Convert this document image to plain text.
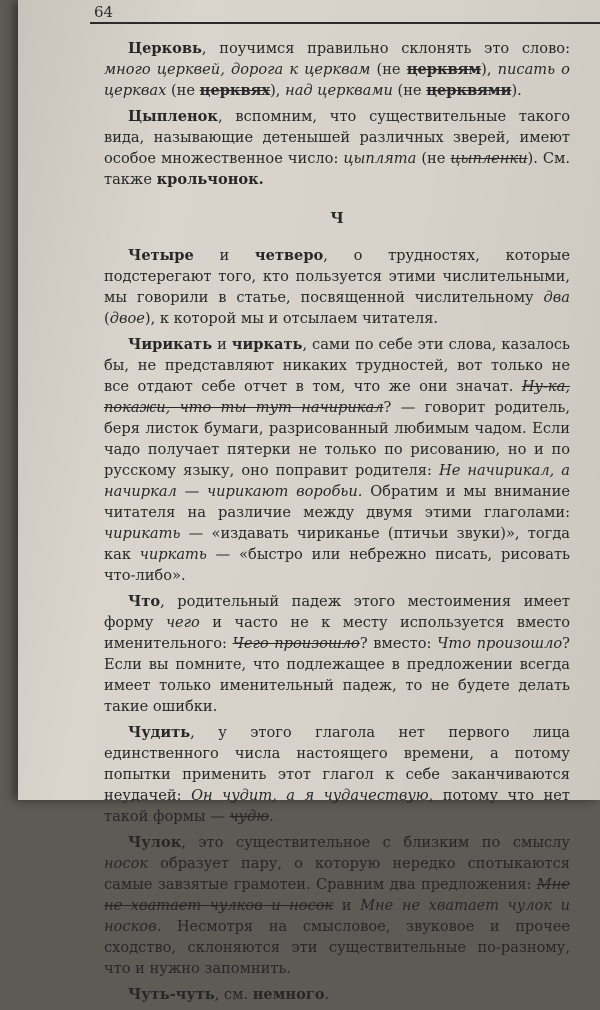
64

Церковь, поучимся правильно склонять это слово: много церквей, дорога к церквам (не церквям), писать о церквах (не церквях), над церквами (не церквями).

Цыпленок, вспомним, что существительные такого вида, называющие детенышей различных зверей, имеют особое множественное число: цыплята (не цыпленки). См. также крольчонок.

Ч

Четыре и четверо, о трудностях, которые подстерегают того, кто пользуется этими числительными, мы говорили в статье, посвященной числительному два (двое), к которой мы и отсылаем читателя.

Чирикать и чиркать, сами по себе эти слова, казалось бы, не представляют никаких трудностей, вот только не все отдают себе отчет в том, что же они значат. Ну-ка, покажи, что ты тут начирикал? — говорит родитель, беря листок бумаги, разрисованный любимым чадом. Если чадо получает пятерки не только по рисованию, но и по русскому языку, оно поправит родителя: Не начирикал, а начиркал — чирикают воробьи. Обратим и мы внимание читателя на различие между двумя этими глаголами: чирикать — «издавать чириканье (птичьи звуки)», тогда как чиркать — «быстро или небрежно писать, рисовать что-либо».

Что, родительный падеж этого местоимения имеет форму чего и часто не к месту используется вместо именительного: Чего произошло? вместо: Что произошло? Если вы помните, что подлежащее в предложении всегда имеет только именительный падеж, то не будете делать такие ошибки.

Чудить, у этого глагола нет первого лица единственного числа настоящего времени, а потому попытки применить этот глагол к себе заканчиваются неудачей: Он чудит, а я чудачествую, потому что нет такой формы — чудю.

Чулок, это существительное с близким по смыслу носок образует пару, о которую нередко спотыкаются самые завзятые грамотеи. Сравним два предложения: Мне не хватает чулков и носок и Мне не хватает чулок и носков. Несмотря на смысловое, звуковое и прочее сходство, склоняются эти существительные по-разному, что и нужно запомнить.

Чуть-чуть, см. немного.
